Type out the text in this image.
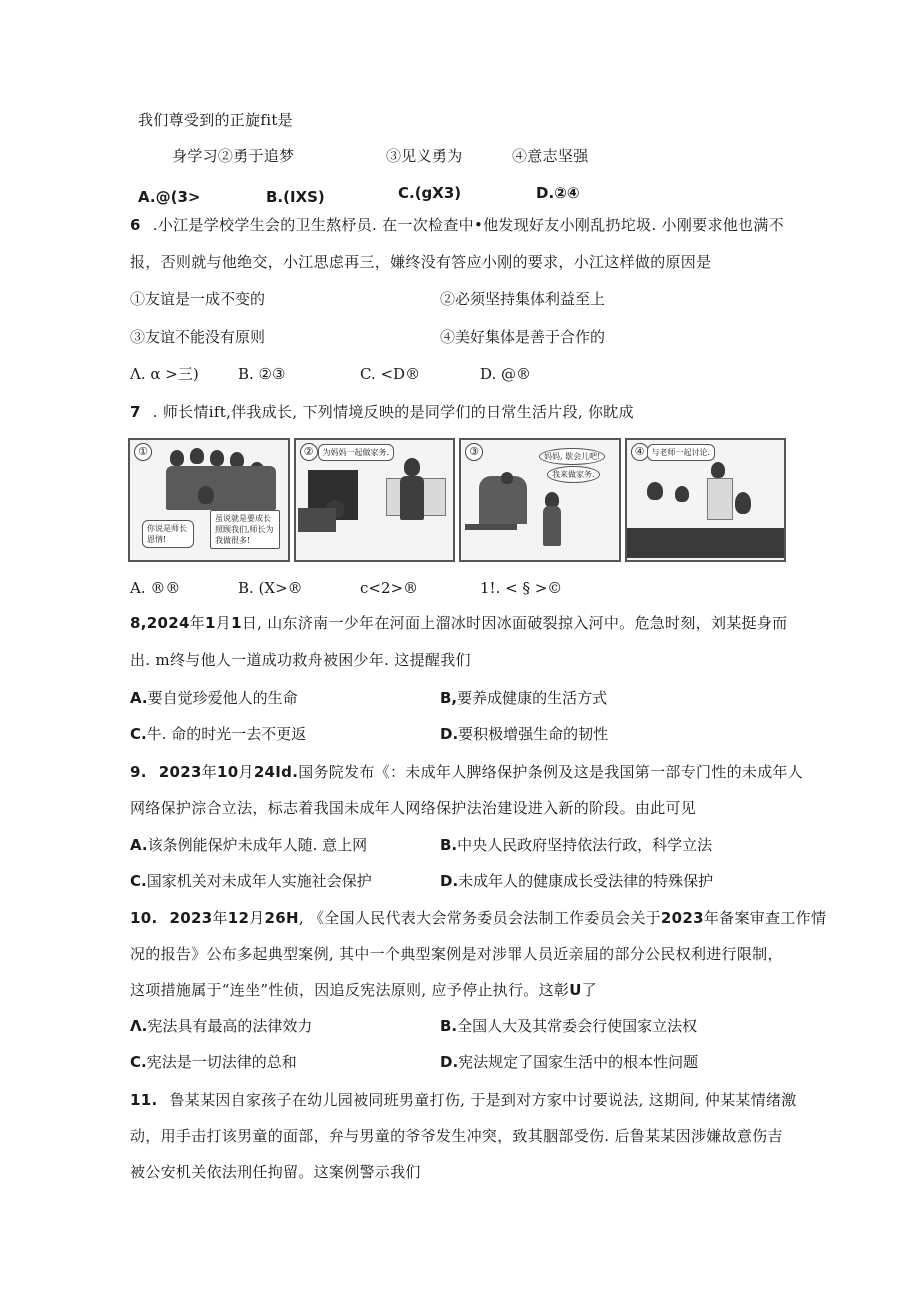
我们尊受到的正旋fit是
身学习②勇于追梦	③见义勇为	④意志坚强
A.@(3>	B.(IXS)	C.(gX3)	D.②④
6 .小江是学校学生会的卫生熬杼员. 在一次检查中•他发现好友小刚乱扔坨圾. 小刚要求他也满不
报，否则就与他绝交，小江思虑再三，嫌终没有答应小刚的要求，小江这样做的原因是
①友谊是一成不变的	②必须坚持集体利益至上
③友谊不能没有原则	④美好集体是善于合作的
Λ. α >三)	B. ②③	C. <D®	D. @®
7 . 师长情ift,伴我成长, 下列情境反映的是同学们的日常生活片段, 你眈成
①
你说是师长恩情!
虽说就是要成长照顾我们,师长为我做很多!
②	为妈妈一起做家务.	③	妈妈, 歇会儿吧!
我来做家务.
④ 与老师一起讨论.
A. ®®	B. (X>®	c<2>®	1!. < § >©
8,2024年1月1日, 山东济南一少年在河面上溜冰时因冰面破裂掠入河中。危急时刻，刘某挺身而
出. m终与他人一道成功救舟被困少年. 这提醒我们
A.要自觉珍爱他人的生命	B,要养成健康的生活方式
C.牛. 命的时光一去不更返	D.要积极增强生命的韧性
9. 2023年10月24Id.国务院发布《：未成年人脾络保护条例及这是我国第一部专门性的未成年人
网络保护淙合立法，标志着我国未成年人网络保护法治建设进入新的阶段。由此可见
A.该条例能保炉未成年人随. 意上网	B.中央人民政府坚持依法行政，科学立法
C.国家机关对未成年人实施社会保护	D.未成年人的健康成长受法律的特殊保护
10. 2023年12月26H, 《全国人民代表大会常务委员会法制工作委员会关于2023年备案审查工作情
况的报告》公布多起典型案例, 其中一个典型案例是对涉罪人员近亲届的部分公民权利进行限制，
这项措施属于“连坐”性侦，因追反宪法原则, 应予停止执行。这彰U了
Λ.宪法具有最高的法律效力	B.全国人大及其常委会行使国家立法权
C.宪法是一切法律的总和	D.宪法规定了国家生活中的根本性问题
11. 鲁某某因自家孩子在幼儿园被同班男童打伤, 于是到对方家中讨要说法, 这期间, 仲某某情绪激
动，用手击打该男童的面部，弁与男童的爷爷发生冲突，致其胭部受伤. 后鲁某某因涉嫌故意伤吉
被公安机关依法刑任拘留。这案例警示我们
